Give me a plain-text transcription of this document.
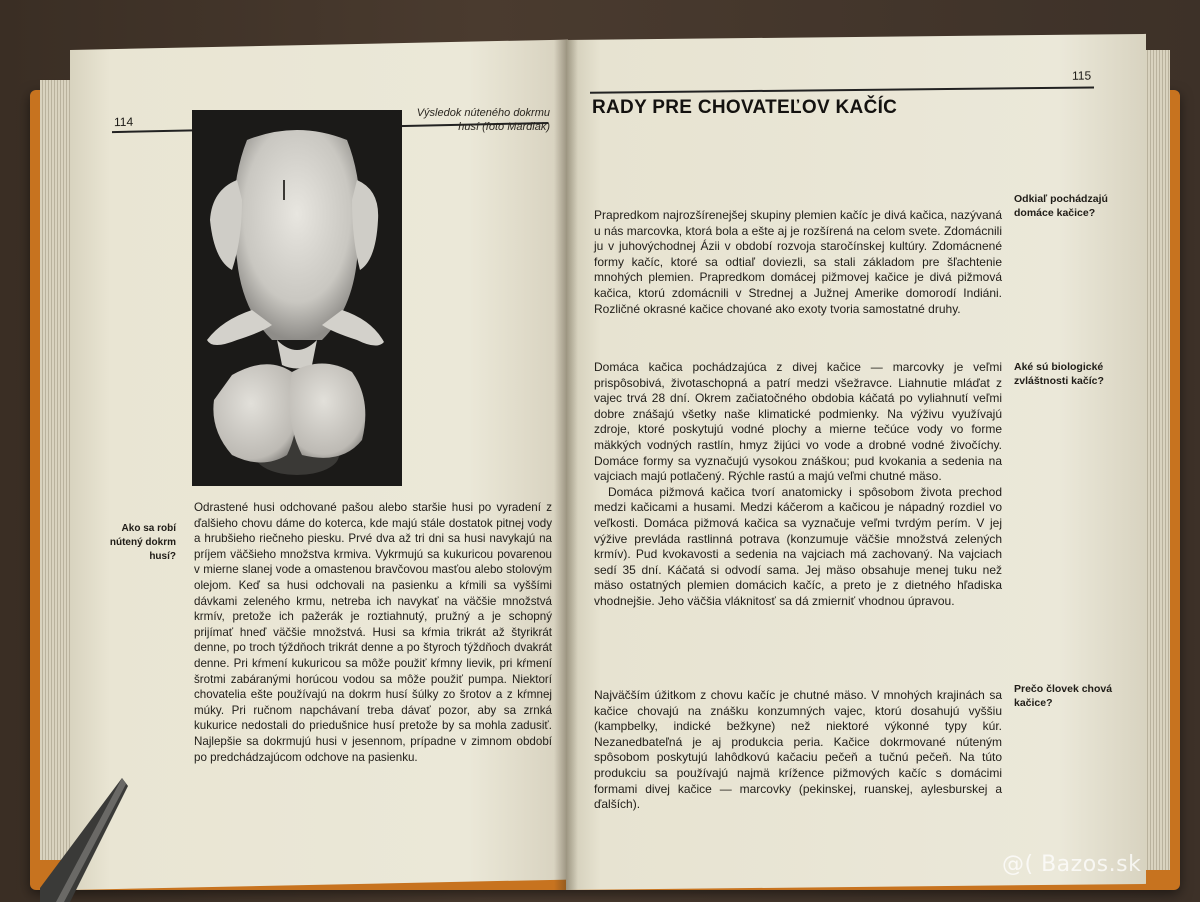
114
Výsledok núteného dokrmu husí (foto Mardiak)
Ako sa robí nútený dokrm husí?

Odrastené husi odchované pašou alebo staršie husi po vyradení z ďalšieho chovu dáme do koterca, kde majú stále dostatok pitnej vody a hrubšieho riečneho piesku. Prvé dva až tri dni sa husi navykajú na príjem väčšieho množstva krmiva. Vykrmujú sa kukuricou povarenou v mierne slanej vode a omastenou bravčovou masťou alebo stolovým olejom. Keď sa husi odchovali na pasienku a kŕmili sa vyššími dávkami zeleného krmu, netreba ich navykať na väčšie množstvá krmív, pretože ich pažerák je roztiahnutý, pružný a je schopný prijímať hneď väčšie množstvá. Husi sa kŕmia trikrát až štyrikrát denne, po troch týždňoch trikrát denne a po štyroch týždňoch dvakrát denne. Pri kŕmení kukuricou sa môže použiť kŕmny lievik, pri kŕmení šrotmi zabáranými horúcou vodou sa môže použiť pumpa. Niektorí chovatelia ešte používajú na dokrm husí šúlky zo šrotov a z kŕmnej múky. Pri ručnom napchávaní treba dávať pozor, aby sa zrnká kukurice nedostali do priedušnice husí pretože by sa mohla zadusiť. Najlepšie sa dokrmujú husi v jesennom, prípadne v zimnom období po predchádzajúcom odchove na pasienku.

115
RADY PRE CHOVATEĽOV KAČÍC
Odkiaľ pochádzajú domáce kačice?

Prapredkom najrozšírenejšej skupiny plemien kačíc je divá kačica, nazývaná u nás marcovka, ktorá bola a ešte aj je rozšírená na celom svete. Zdomácnili ju v juhovýchodnej Ázii v období rozvoja staročínskej kultúry. Zdomácnené formy kačíc, ktoré sa odtiaľ doviezli, sa stali základom pre šľachtenie mnohých plemien. Prapredkom domácej pižmovej kačice je divá pižmová kačica, ktorú zdomácnili v Strednej a Južnej Amerike domorodí Indiáni. Rozličné okrasné kačice chované ako exoty tvoria samostatné druhy.

Aké sú biologické zvláštnosti kačíc?

Domáca kačica pochádzajúca z divej kačice — marcovky je veľmi prispôsobivá, životaschopná a patrí medzi všežravce. Liahnutie mláďat z vajec trvá 28 dní. Okrem začiatočného obdobia káčatá po vyliahnutí veľmi dobre znášajú všetky naše klimatické podmienky. Na výživu využívajú zdroje, ktoré poskytujú vodné plochy a mierne tečúce vody vo forme mäkkých vodných rastlín, hmyz žijúci vo vode a drobné vodné živočíchy. Domáce formy sa vyznačujú vysokou znáškou; pud kvokania a sedenia na vajciach majú potlačený. Rýchle rastú a majú veľmi chutné mäso.

Domáca pižmová kačica tvorí anatomicky i spôsobom života prechod medzi kačicami a husami. Medzi káčerom a kačicou je nápadný rozdiel vo veľkosti. Domáca pižmová kačica sa vyznačuje veľmi tvrdým perím. V jej výžive prevláda rastlinná potrava (konzumuje väčšie množstvá zelených krmív). Pud kvokavosti a sedenia na vajciach má zachovaný. Na vajciach sedí 35 dní. Káčatá si odvodí sama. Jej mäso obsahuje menej tuku než mäso ostatných plemien domácich kačíc, a preto je z dietného hľadiska vhodnejšie. Jeho väčšia vláknitosť sa dá zmierniť vhodnou úpravou.

Prečo človek chová kačice?

Najväčším úžitkom z chovu kačíc je chutné mäso. V mnohých krajinách sa kačice chovajú na znášku konzumných vajec, ktorú dosahujú vyššiu (kampbelky, indické bežkyne) než niektoré výkonné typy kúr. Nezanedbateľná je aj produkcia peria. Kačice dokrmované núteným spôsobom poskytujú lahôdkovú kačaciu pečeň a tučnú pečeň. Na túto produkciu sa používajú najmä krížence pižmových kačíc s domácimi formami divej kačice — marcovky (pekinskej, ruanskej, aylesburskej a ďalších).

@( Bazos.sk
